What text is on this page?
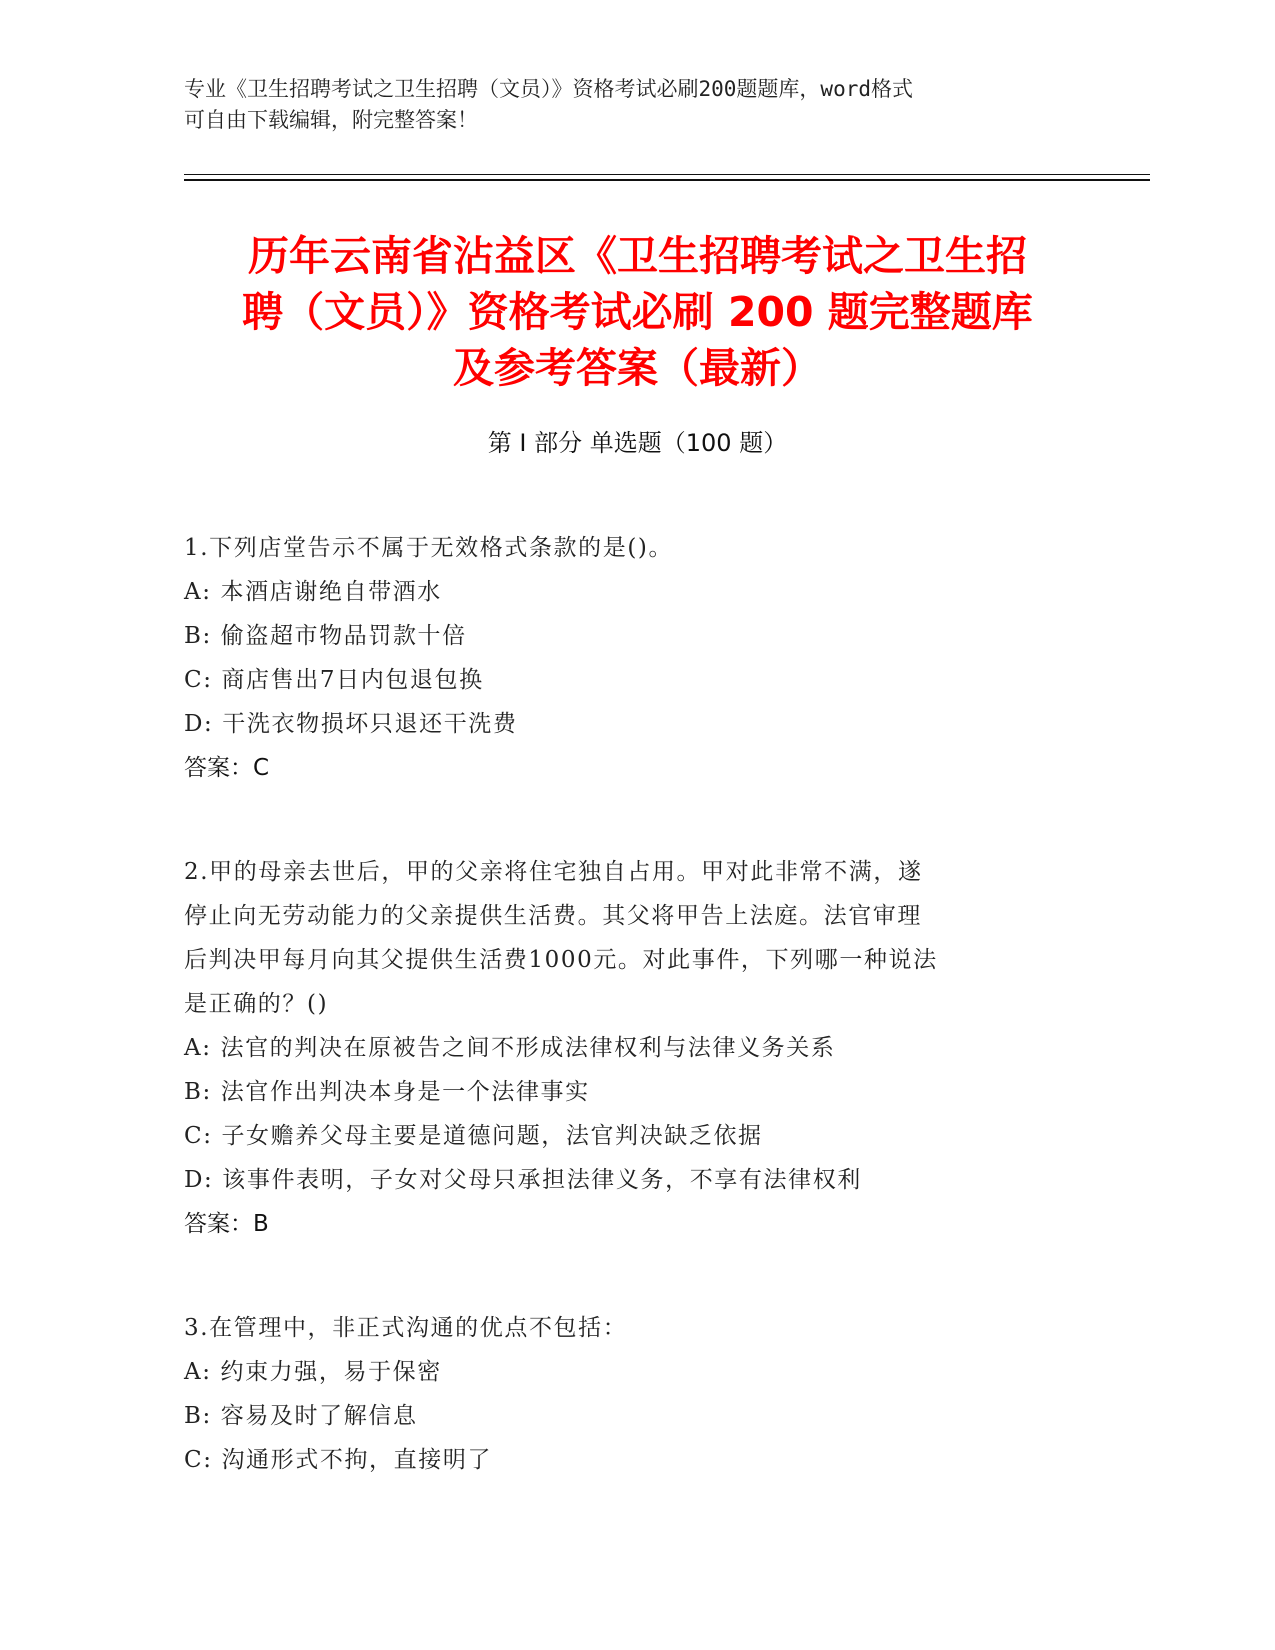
专业《卫生招聘考试之卫生招聘（文员）》资格考试必刷200题题库，word格式
可自由下载编辑，附完整答案！
历年云南省沾益区《卫生招聘考试之卫生招
聘（文员）》资格考试必刷 200 题完整题库
及参考答案（最新）
第 I 部分 单选题（100 题）
1.下列店堂告示不属于无效格式条款的是()。
A: 本酒店谢绝自带酒水
B: 偷盗超市物品罚款十倍
C: 商店售出7日内包退包换
D: 干洗衣物损坏只退还干洗费
答案：C
2.甲的母亲去世后，甲的父亲将住宅独自占用。甲对此非常不满，遂
停止向无劳动能力的父亲提供生活费。其父将甲告上法庭。法官审理
后判决甲每月向其父提供生活费1000元。对此事件，下列哪一种说法
是正确的？()
A: 法官的判决在原被告之间不形成法律权利与法律义务关系
B: 法官作出判决本身是一个法律事实
C: 子女赡养父母主要是道德问题，法官判决缺乏依据
D: 该事件表明，子女对父母只承担法律义务，不享有法律权利
答案：B
3.在管理中，非正式沟通的优点不包括：
A: 约束力强，易于保密
B: 容易及时了解信息
C: 沟通形式不拘，直接明了
